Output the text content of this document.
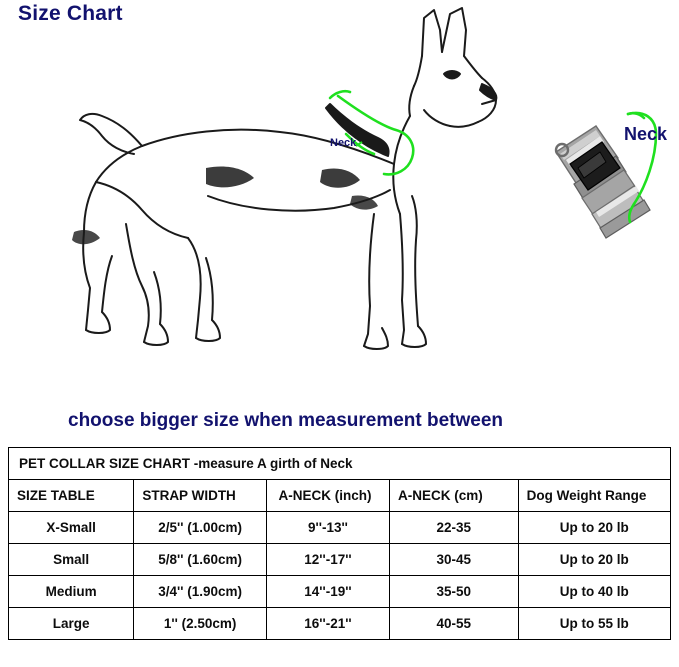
Size Chart
Neck	Neck
choose bigger size when measurement between
PET COLLAR SIZE CHART -measure A girth of Neck				
SIZE TABLE	STRAP WIDTH	A-NECK (inch)	A-NECK (cm)	Dog Weight Range
X-Small	2/5'' (1.00cm)	9''-13''	22-35	Up to 20 lb
Small	5/8'' (1.60cm)	12''-17''	30-45	Up to 20 lb
Medium	3/4'' (1.90cm)	14''-19''	35-50	Up to 40 lb
Large	1'' (2.50cm)	16''-21''	40-55	Up to 55 lb
